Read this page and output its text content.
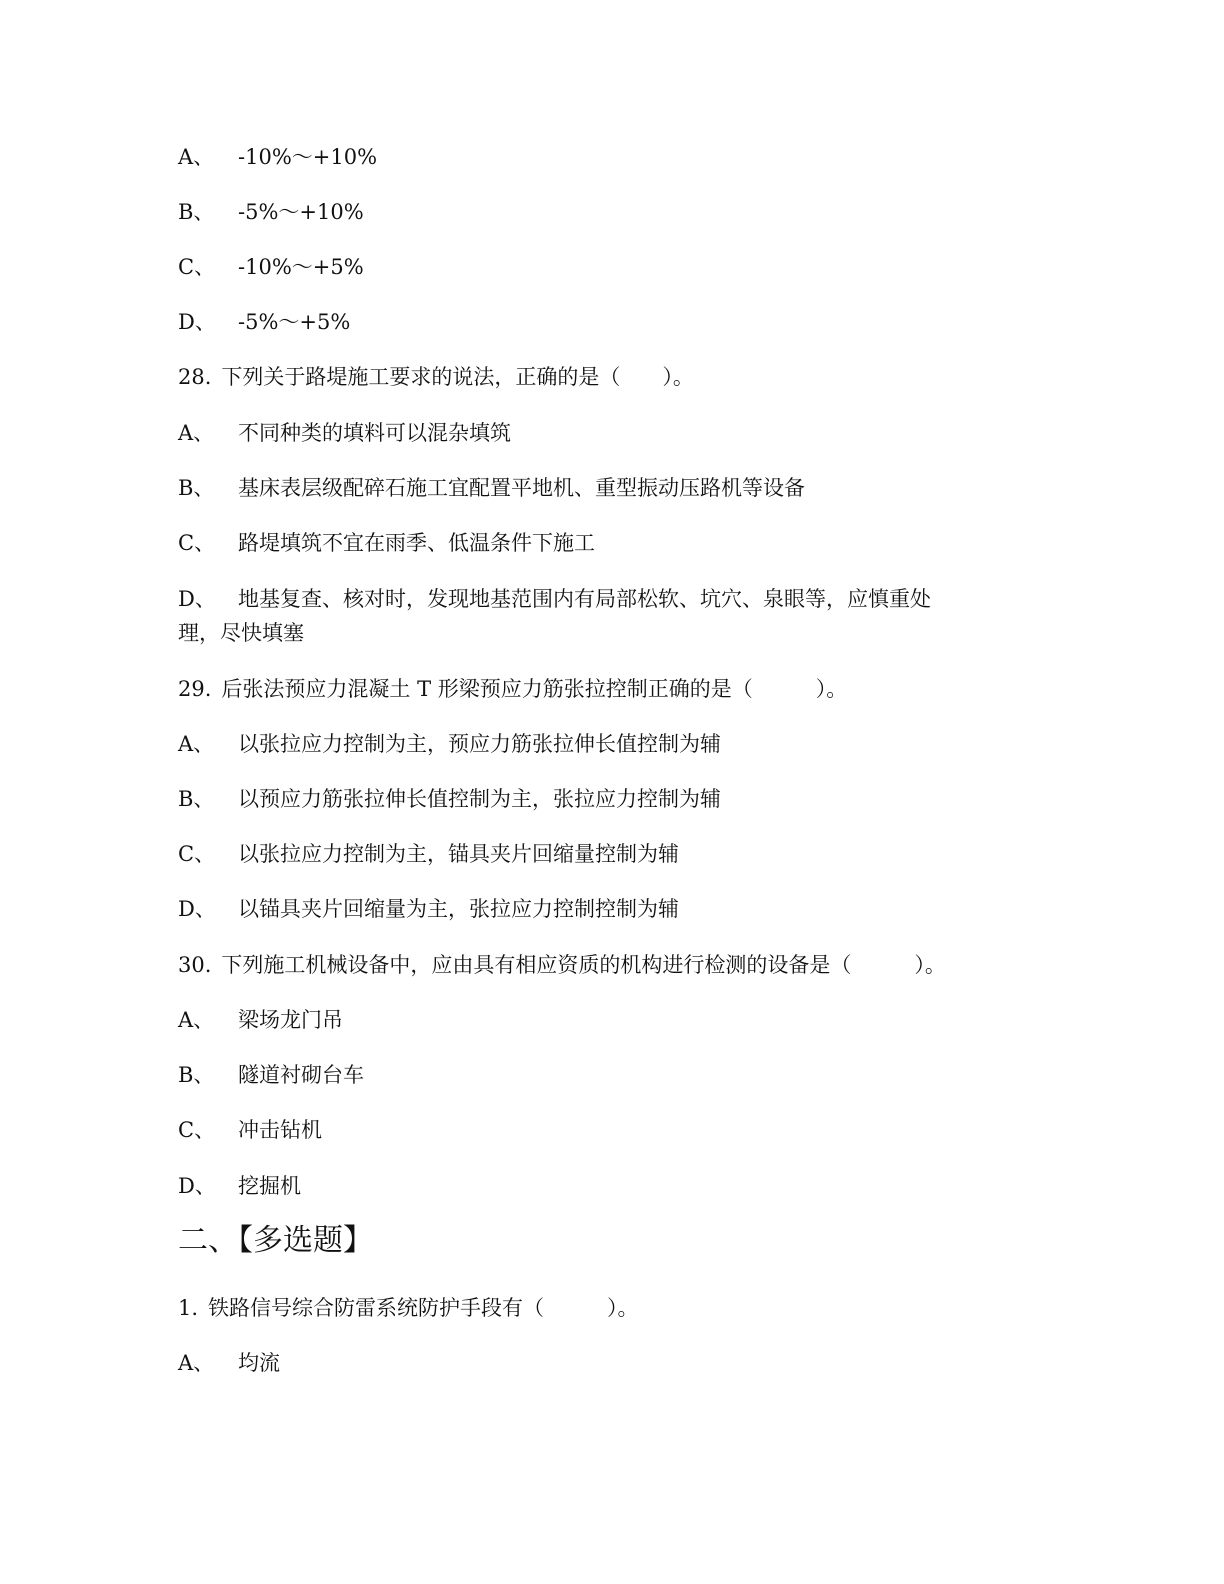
A、 -10%～+10%
B、 -5%～+10%
C、 -10%～+5%
D、 -5%～+5%
28. 下列关于路堤施工要求的说法，正确的是（　　）。
A、 不同种类的填料可以混杂填筑
B、 基床表层级配碎石施工宜配置平地机、重型振动压路机等设备
C、 路堤填筑不宜在雨季、低温条件下施工
D、 地基复查、核对时，发现地基范围内有局部松软、坑穴、泉眼等，应慎重处
理，尽快填塞
29. 后张法预应力混凝土 T 形梁预应力筋张拉控制正确的是（　　　）。
A、 以张拉应力控制为主，预应力筋张拉伸长值控制为辅
B、 以预应力筋张拉伸长值控制为主，张拉应力控制为辅
C、 以张拉应力控制为主，锚具夹片回缩量控制为辅
D、 以锚具夹片回缩量为主，张拉应力控制控制为辅
30. 下列施工机械设备中，应由具有相应资质的机构进行检测的设备是（　　　）。
A、 梁场龙门吊
B、 隧道衬砌台车
C、 冲击钻机
D、 挖掘机
二、【多选题】
1. 铁路信号综合防雷系统防护手段有（　　　）。
A、 均流
